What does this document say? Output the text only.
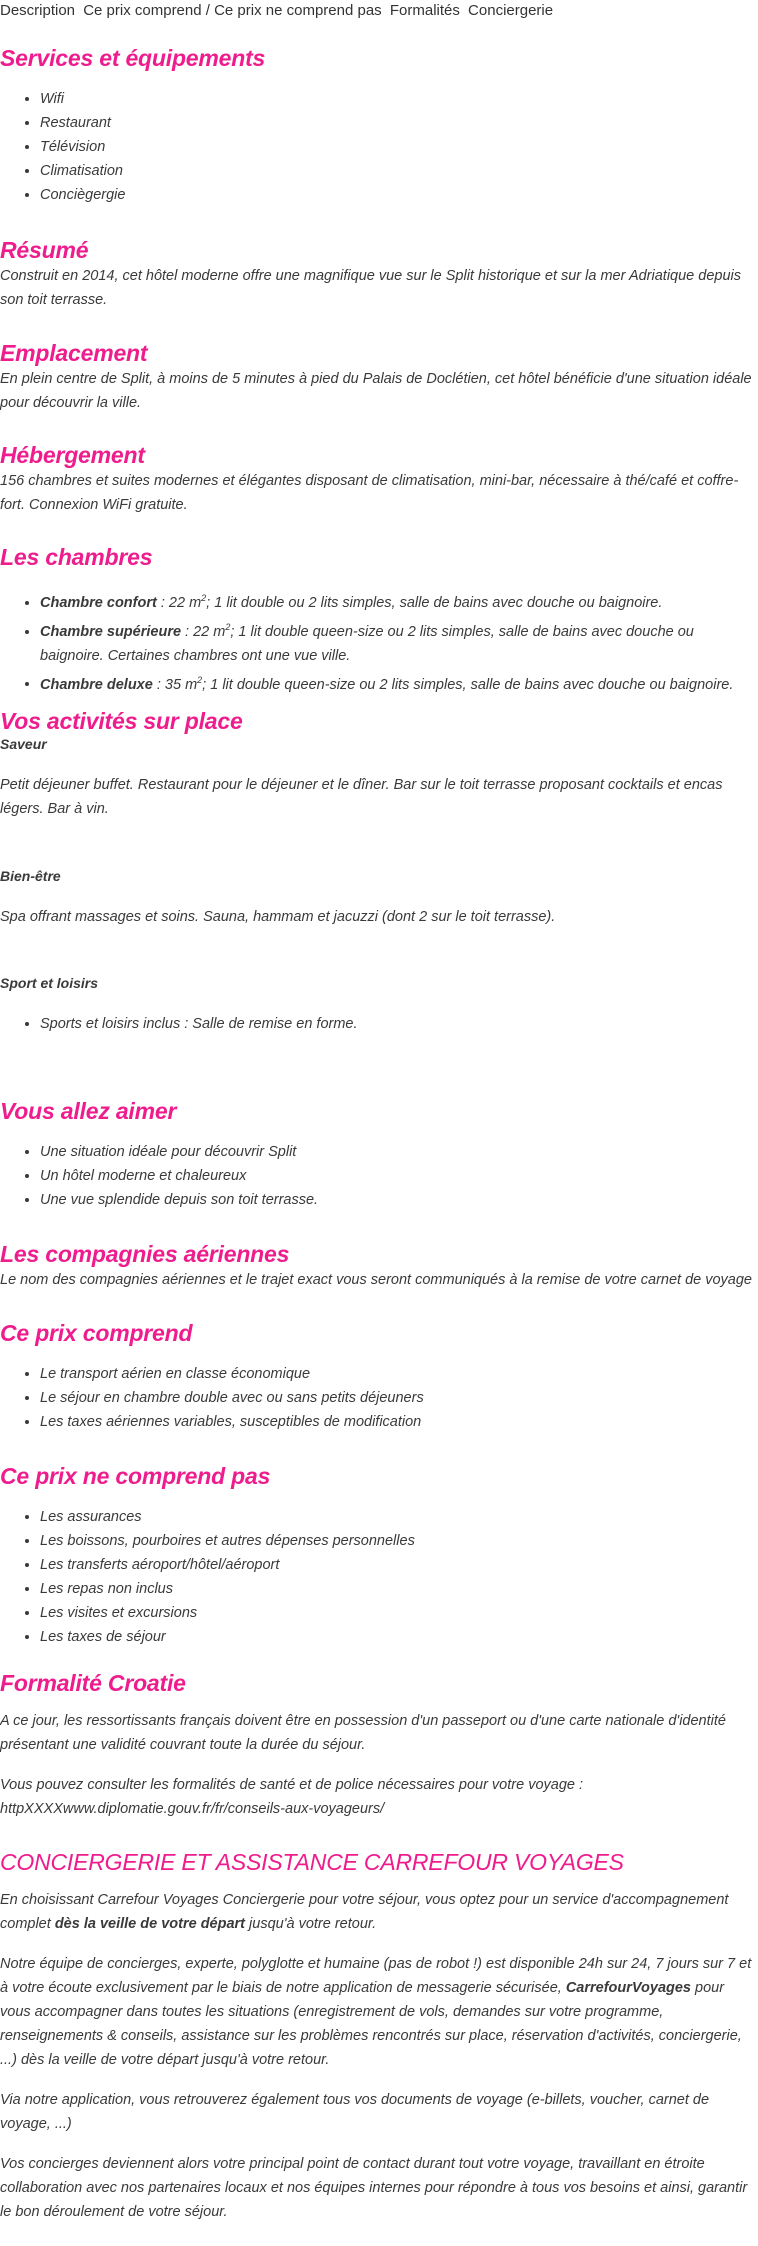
Description Ce prix comprend / Ce prix ne comprend pas Formalités Conciergerie
Services et équipements
• Wifi
• Restaurant
• Télévision
• Climatisation
• Conciègergie
Résumé

Construit en 2014, cet hôtel moderne offre une magnifique vue sur le Split historique et sur la mer Adriatique depuis son toit terrasse.

Emplacement

En plein centre de Split, à moins de 5 minutes à pied du Palais de Doclétien, cet hôtel bénéficie d'une situation idéale pour découvrir la ville.

Hébergement

156 chambres et suites modernes et élégantes disposant de climatisation, mini-bar, nécessaire à thé/café et coffre-fort. Connexion WiFi gratuite.

Les chambres
• Chambre confort : 22 $m^2$; 1 lit double ou 2 lits simples, salle de bains avec douche ou baignoire.
• Chambre supérieure : 22 $m^2$; 1 lit double queen-size ou 2 lits simples, salle de bains avec douche ou baignoire. Certaines chambres ont une vue ville.
• Chambre deluxe : 35 $m^2$; 1 lit double queen-size ou 2 lits simples, salle de bains avec douche ou baignoire.
Vos activités sur place
Saveur

Petit déjeuner buffet. Restaurant pour le déjeuner et le dîner. Bar sur le toit terrasse proposant cocktails et encas légers. Bar à vin.

Bien-être

Spa offrant massages et soins. Sauna, hammam et jacuzzi (dont 2 sur le toit terrasse).

Sport et loisirs
• Sports et loisirs inclus : Salle de remise en forme.
Vous allez aimer
• Une situation idéale pour découvrir Split
• Un hôtel moderne et chaleureux
• Une vue splendide depuis son toit terrasse.
Les compagnies aériennes

Le nom des compagnies aériennes et le trajet exact vous seront communiqués à la remise de votre carnet de voyage

Ce prix comprend
• Le transport aérien en classe économique
• Le séjour en chambre double avec ou sans petits déjeuners
• Les taxes aériennes variables, susceptibles de modification
Ce prix ne comprend pas
• Les assurances
• Les boissons, pourboires et autres dépenses personnelles
• Les transferts aéroport/hôtel/aéroport
• Les repas non inclus
• Les visites et excursions
• Les taxes de séjour
Formalité Croatie

A ce jour, les ressortissants français doivent être en possession d'un passeport ou d'une carte nationale d'identité présentant une validité couvrant toute la durée du séjour.

Vous pouvez consulter les formalités de santé et de police nécessaires pour votre voyage : httpXXXXwww.diplomatie.gouv.fr/fr/conseils-aux-voyageurs/

CONCIERGERIE ET ASSISTANCE CARREFOUR VOYAGES

En choisissant Carrefour Voyages Conciergerie pour votre séjour, vous optez pour un service d'accompagnement complet dès la veille de votre départ jusqu'à votre retour.

Notre équipe de concierges, experte, polyglotte et humaine (pas de robot !) est disponible 24h sur 24, 7 jours sur 7 et à votre écoute exclusivement par le biais de notre application de messagerie sécurisée, CarrefourVoyages pour vous accompagner dans toutes les situations (enregistrement de vols, demandes sur votre programme, renseignements & conseils, assistance sur les problèmes rencontrés sur place, réservation d'activités, conciergerie, ...) dès la veille de votre départ jusqu'à votre retour.

Via notre application, vous retrouverez également tous vos documents de voyage (e-billets, voucher, carnet de voyage, ...)

Vos concierges deviennent alors votre principal point de contact durant tout votre voyage, travaillant en étroite collaboration avec nos partenaires locaux et nos équipes internes pour répondre à tous vos besoins et ainsi, garantir le bon déroulement de votre séjour.
